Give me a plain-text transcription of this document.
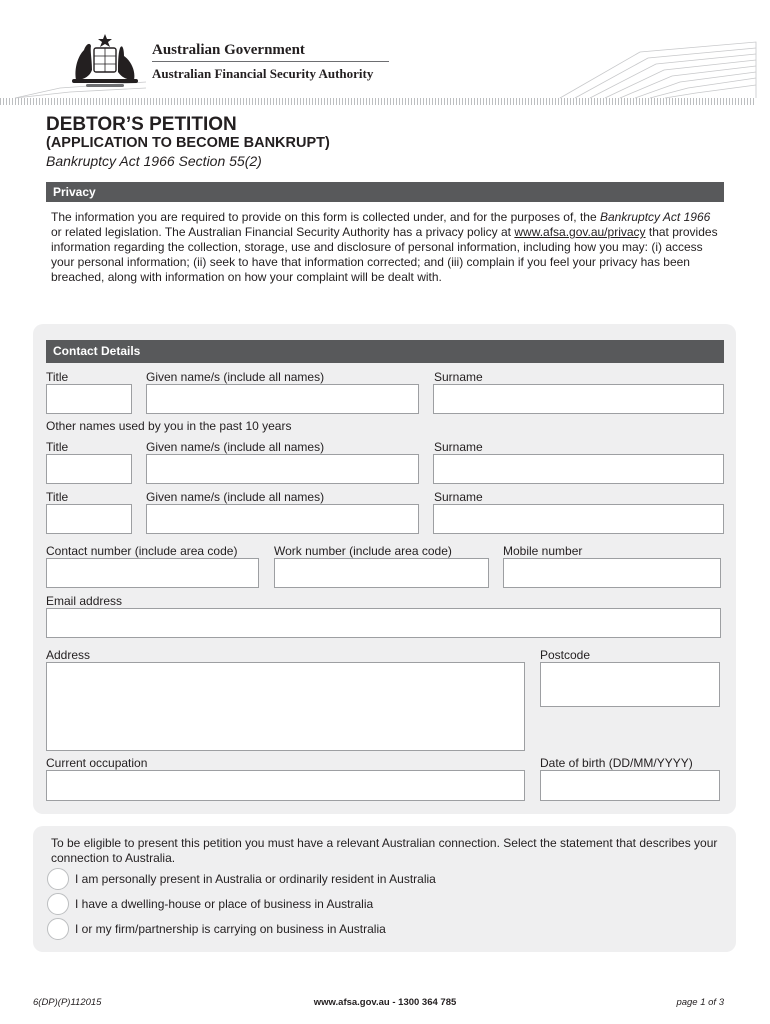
Australian Government
Australian Financial Security Authority
DEBTOR’S PETITION
(APPLICATION TO BECOME BANKRUPT)
Bankruptcy Act 1966 Section 55(2)
Privacy
The information you are required to provide on this form is collected under, and for the purposes of, the Bankruptcy Act 1966 or related legislation. The Australian Financial Security Authority has a privacy policy at www.afsa.gov.au/privacy that provides information regarding the collection, storage, use and disclosure of personal information, including how you may: (i) access your personal information; (ii) seek to have that information corrected; and (iii) complain if you feel your privacy has been breached, along with information on how your complaint will be dealt with.
Contact Details
Title	Given name/s (include all names)	Surname
Other names used by you in the past 10 years
Title	Given name/s (include all names)	Surname
Title	Given name/s (include all names)	Surname
Contact number (include area code)	Work number (include area code)	Mobile number
Email address
Address	Postcode
Current occupation	Date of birth (DD/MM/YYYY)
To be eligible to present this petition you must have a relevant Australian connection. Select the statement that describes your connection to Australia.
I am personally present in Australia or ordinarily resident in Australia
I have a dwelling-house or place of business in Australia
I or my firm/partnership is carrying on business in Australia
6(DP)(P)112015	www.afsa.gov.au - 1300 364 785	page 1 of 3
